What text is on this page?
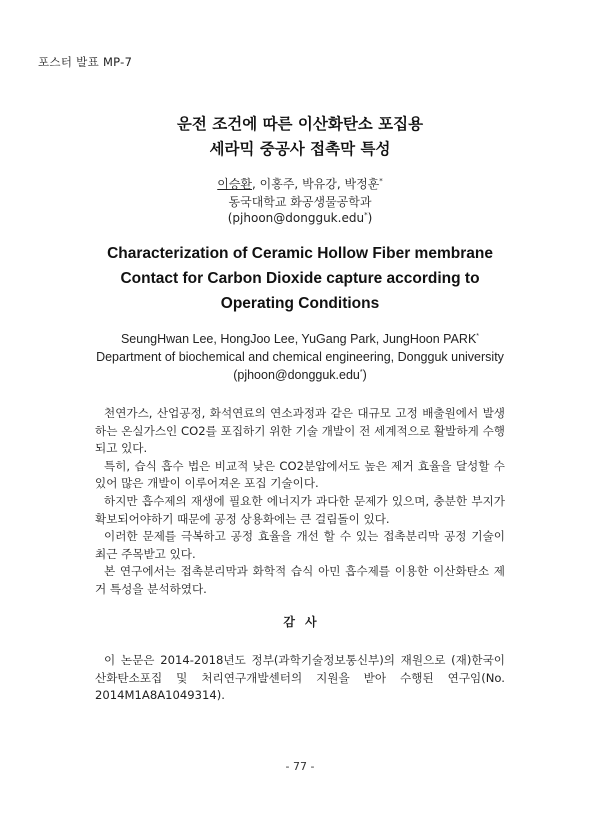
포스터 발표 MP-7
운전 조건에 따른 이산화탄소 포집용
세라믹 중공사 접촉막 특성
이승환, 이홍주, 박유강, 박정훈*
동국대학교 화공생물공학과
(pjhoon@dongguk.edu*)
Characterization of Ceramic Hollow Fiber membrane
Contact for Carbon Dioxide capture according to
Operating Conditions
SeungHwan Lee, HongJoo Lee, YuGang Park, JungHoon PARK*
Department of biochemical and chemical engineering, Dongguk university
(pjhoon@dongguk.edu*)

천연가스, 산업공정, 화석연료의 연소과정과 같은 대규모 고정 배출원에서 발생하는 온실가스인 CO2를 포집하기 위한 기술 개발이 전 세계적으로 활발하게 수행되고 있다.

특히, 습식 흡수 법은 비교적 낮은 CO2분압에서도 높은 제거 효율을 달성할 수 있어 많은 개발이 이루어져온 포집 기술이다.

하지만 흡수제의 재생에 필요한 에너지가 과다한 문제가 있으며, 충분한 부지가 확보되어야하기 때문에 공정 상용화에는 큰 걸림돌이 있다.

이러한 문제를 극복하고 공정 효율을 개선 할 수 있는 접촉분리막 공정 기술이 최근 주목받고 있다.

본 연구에서는 접촉분리막과 화학적 습식 아민 흡수제를 이용한 이산화탄소 제거 특성을 분석하였다.

감사

이 논문은 2014-2018년도 정부(과학기술정보통신부)의 재원으로 (재)한국이산화탄소포집 및 처리연구개발센터의 지원을 받아 수행된 연구임(No. 2014M1A8A1049314).

- 77 -
